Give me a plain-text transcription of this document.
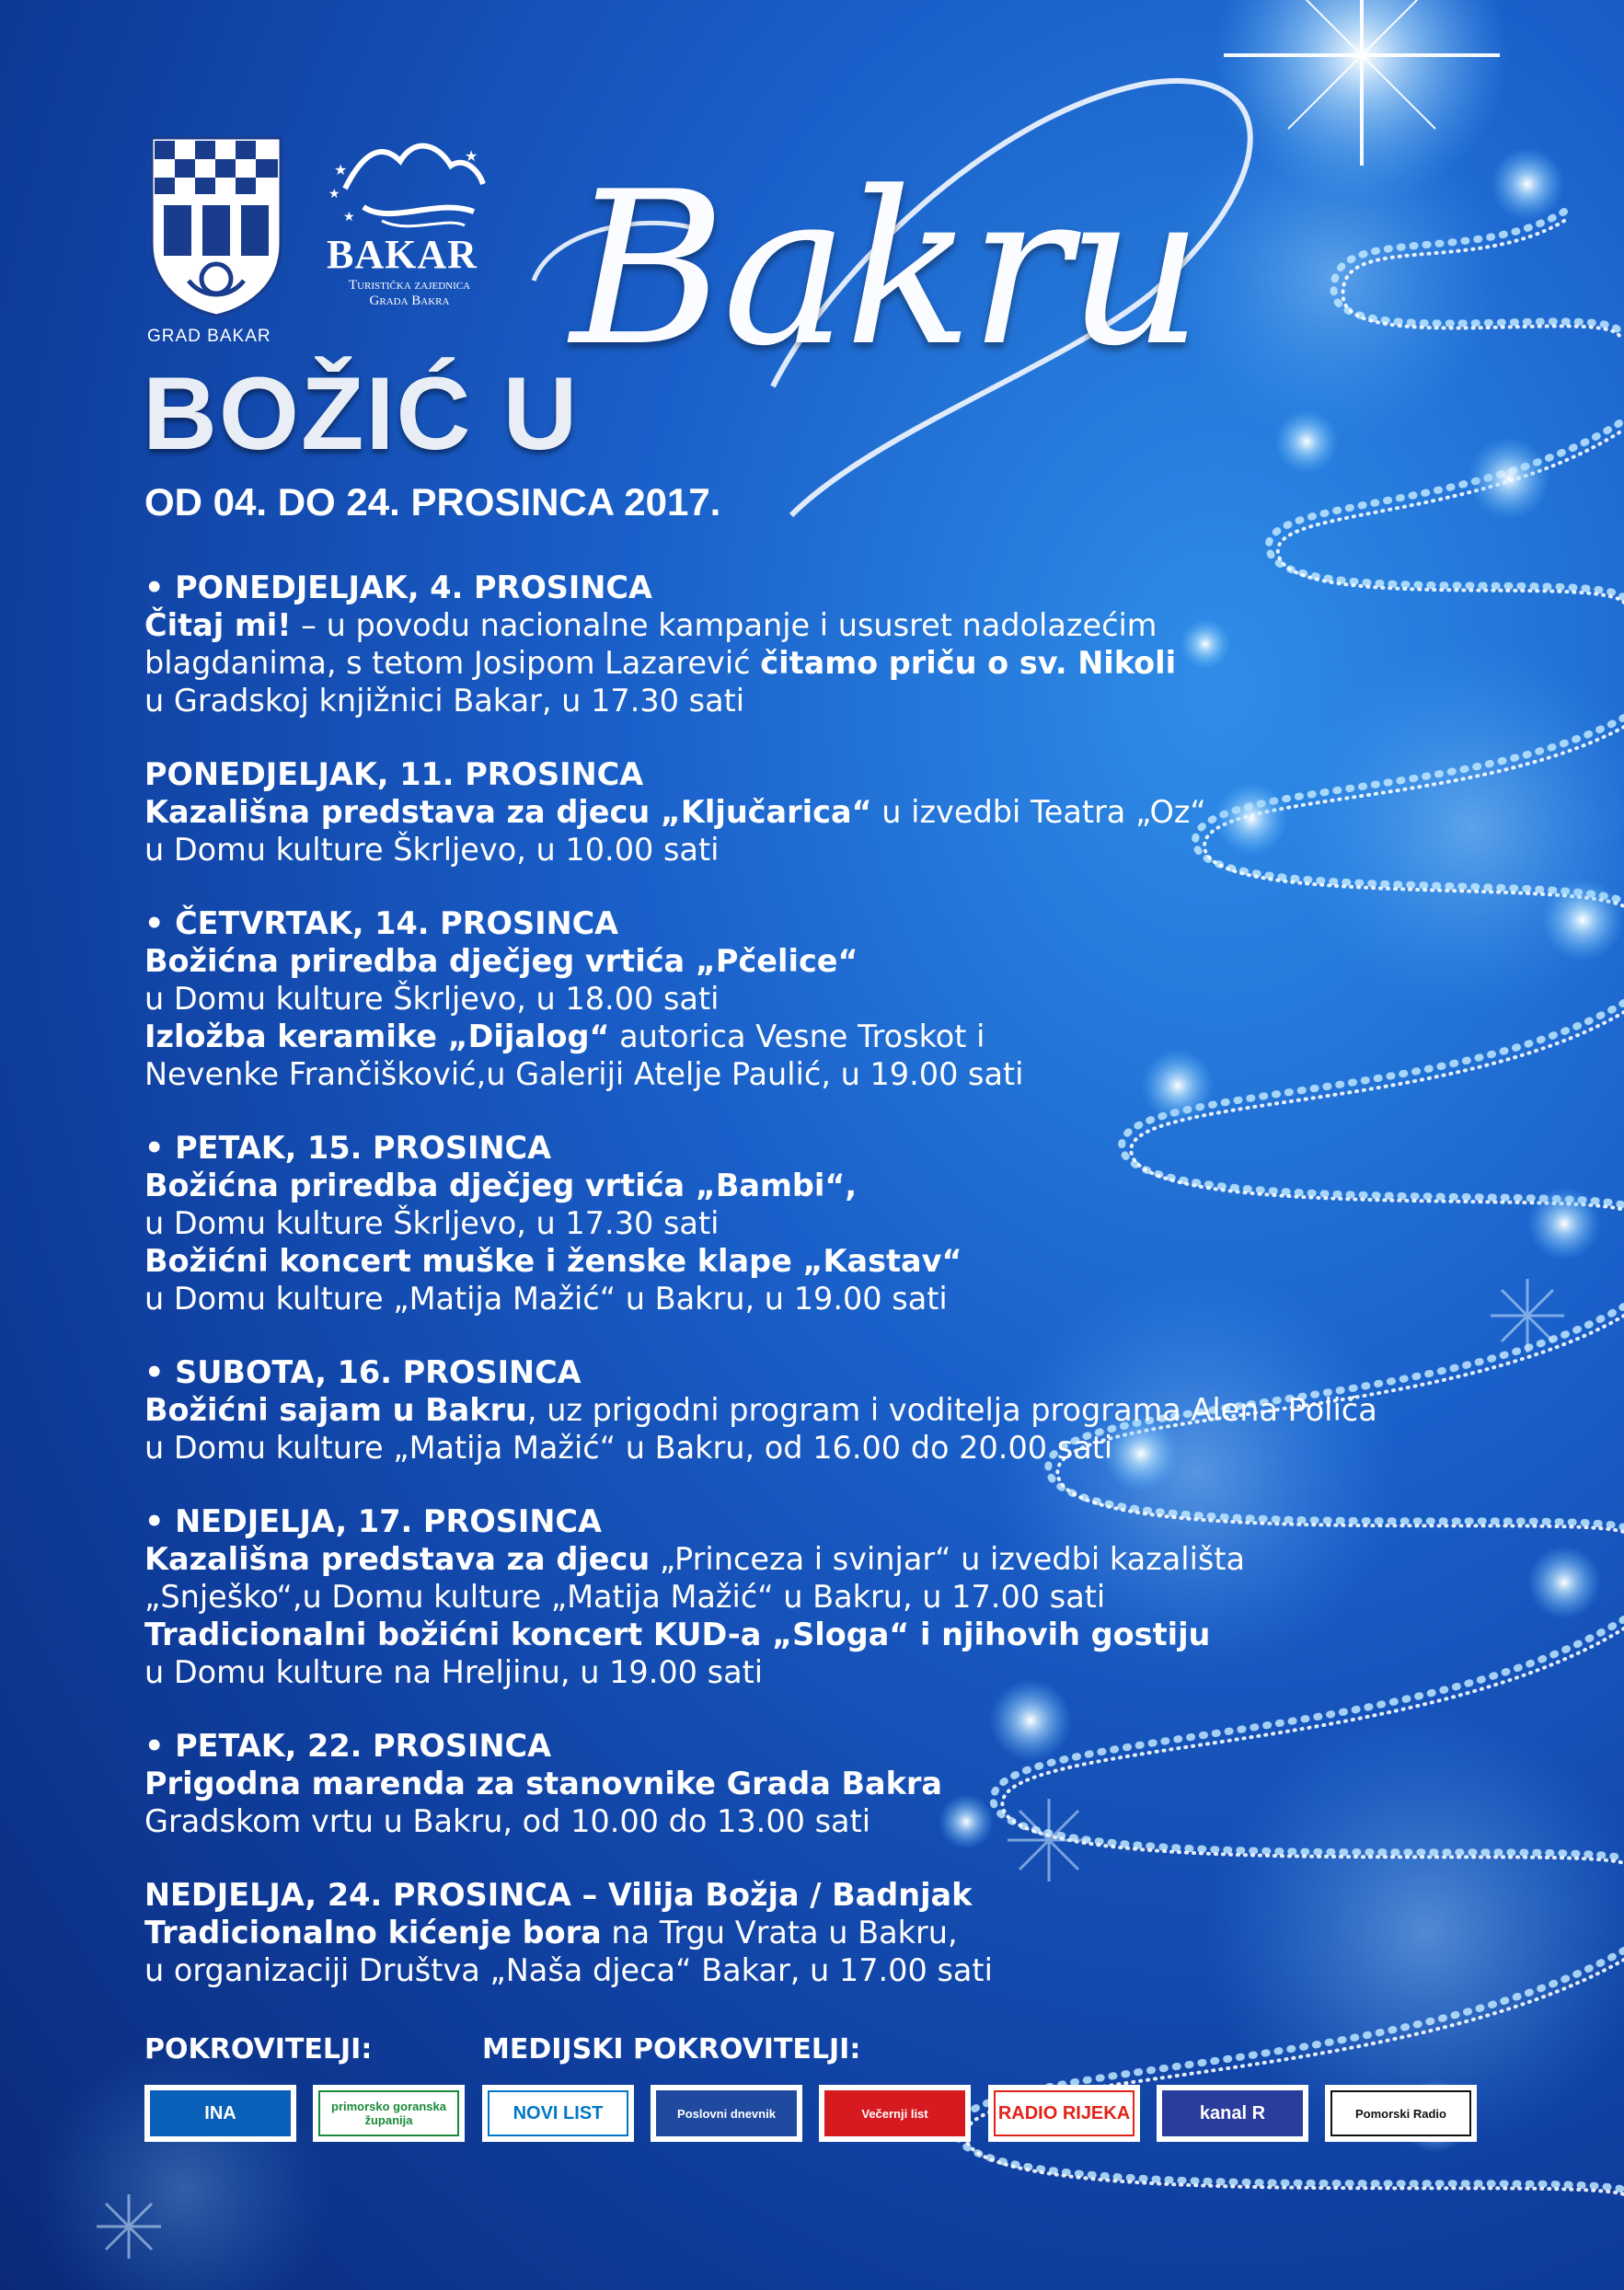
GRAD BAKAR
★
★
★
★
BAKAR
Turistička zajednica
Grada Bakra Bakru
BOŽIĆ U
OD 04. DO 24. PROSINCA 2017.

• PONEDJELJAK, 4. PROSINCA

Čitaj mi! – u povodu nacionalne kampanje i ususret nadolazećim

blagdanima, s tetom Josipom Lazarević čitamo priču o sv. Nikoli

u Gradskoj knjižnici Bakar, u 17.30 sati

PONEDJELJAK, 11. PROSINCA

Kazališna predstava za djecu „Ključarica“ u izvedbi Teatra „Oz“

u Domu kulture Škrljevo, u 10.00 sati

• ČETVRTAK, 14. PROSINCA

Božićna priredba dječjeg vrtića „Pčelice“

u Domu kulture Škrljevo, u 18.00 sati

Izložba keramike „Dijalog“ autorica Vesne Troskot i

Nevenke Frančišković,u Galeriji Atelje Paulić, u 19.00 sati

• PETAK, 15. PROSINCA

Božićna priredba dječjeg vrtića „Bambi“,

u Domu kulture Škrljevo, u 17.30 sati

Božićni koncert muške i ženske klape „Kastav“

u Domu kulture „Matija Mažić“ u Bakru, u 19.00 sati

• SUBOTA, 16. PROSINCA

Božićni sajam u Bakru, uz prigodni program i voditelja programa Alena Polića

u Domu kulture „Matija Mažić“ u Bakru, od 16.00 do 20.00 sati

• NEDJELJA, 17. PROSINCA

Kazališna predstava za djecu „Princeza i svinjar“ u izvedbi kazališta

„Snješko“,u Domu kulture „Matija Mažić“ u Bakru, u 17.00 sati

Tradicionalni božićni koncert KUD-a „Sloga“ i njihovih gostiju

u Domu kulture na Hreljinu, u 19.00 sati

• PETAK, 22. PROSINCA

Prigodna marenda za stanovnike Grada Bakra

Gradskom vrtu u Bakru, od 10.00 do 13.00 sati

NEDJELJA, 24. PROSINCA – Vilija Božja / Badnjak

Tradicionalno kićenje bora na Trgu Vrata u Bakru,

u organizaciji Društva „Naša djeca“ Bakar, u 17.00 sati

POKROVITELJI:	MEDIJSKI POKROVITELJI:
INA	primorsko goranska županija	NOVI LIST	Poslovni dnevnik	Večernji list	RADIO RIJEKA	kanal R	Pomorski Radio
